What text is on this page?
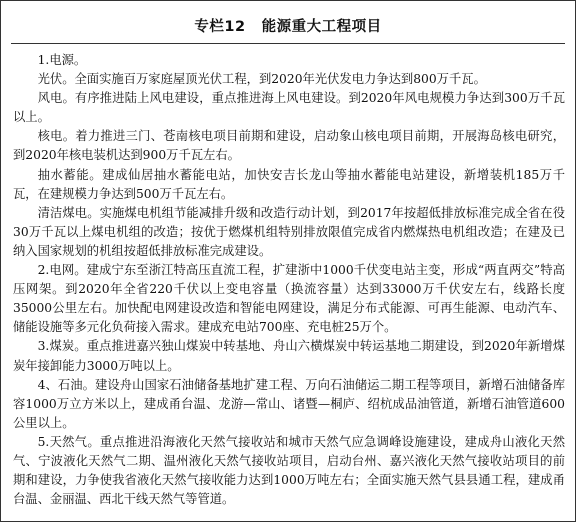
专栏12 能源重大工程项目

1.电源。

光伏。全面实施百万家庭屋顶光伏工程，到2020年光伏发电力争达到800万千瓦。

风电。有序推进陆上风电建设，重点推进海上风电建设。到2020年风电规模力争达到300万千瓦以上。

核电。着力推进三门、苍南核电项目前期和建设，启动象山核电项目前期，开展海岛核电研究，到2020年核电装机达到900万千瓦左右。

抽水蓄能。建成仙居抽水蓄能电站，加快安吉长龙山等抽水蓄能电站建设，新增装机185万千瓦，在建规模力争达到500万千瓦左右。

清洁煤电。实施煤电机组节能减排升级和改造行动计划，到2017年按超低排放标准完成全省在役30万千瓦以上煤电机组的改造；按优于燃煤机组特别排放限值完成省内燃煤热电机组改造；在建及已纳入国家规划的机组按超低排放标准完成建设。

2.电网。建成宁东至浙江特高压直流工程，扩建浙中1000千伏变电站主变，形成“两直两交”特高压网架。到2020年全省220千伏以上变电容量（换流容量）达到33000万千伏安左右，线路长度35000公里左右。加快配电网建设改造和智能电网建设，满足分布式能源、可再生能源、电动汽车、储能设施等多元化负荷接入需求。建成充电站700座、充电桩25万个。

3.煤炭。重点推进嘉兴独山煤炭中转基地、舟山六横煤炭中转运基地二期建设，到2020年新增煤炭年接卸能力3000万吨以上。

4、石油。建设舟山国家石油储备基地扩建工程、万向石油储运二期工程等项目，新增石油储备库容1000万立方米以上，建成甬台温、龙游—常山、诸暨—桐庐、绍杭成品油管道，新增石油管道600公里以上。

5.天然气。重点推进沿海液化天然气接收站和城市天然气应急调峰设施建设，建成舟山液化天然气、宁波液化天然气二期、温州液化天然气接收站项目，启动台州、嘉兴液化天然气接收站项目的前期和建设，力争使我省液化天然气接收能力达到1000万吨左右；全面实施天然气县县通工程，建成甬台温、金丽温、西北干线天然气等管道。
